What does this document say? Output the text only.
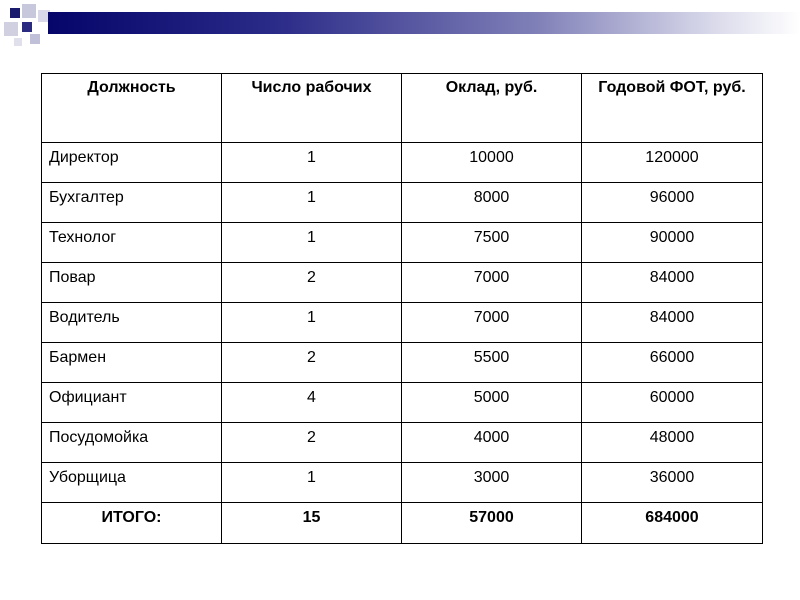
Должность	Число рабочих	Оклад, руб.	Годовой ФОТ, руб.
Директор	1	10000	120000
Бухгалтер	1	8000	96000
Технолог	1	7500	90000
Повар	2	7000	84000
Водитель	1	7000	84000
Бармен	2	5500	66000
Официант	4	5000	60000
Посудомойка	2	4000	48000
Уборщица	1	3000	36000
ИТОГО:	15	57000	684000
